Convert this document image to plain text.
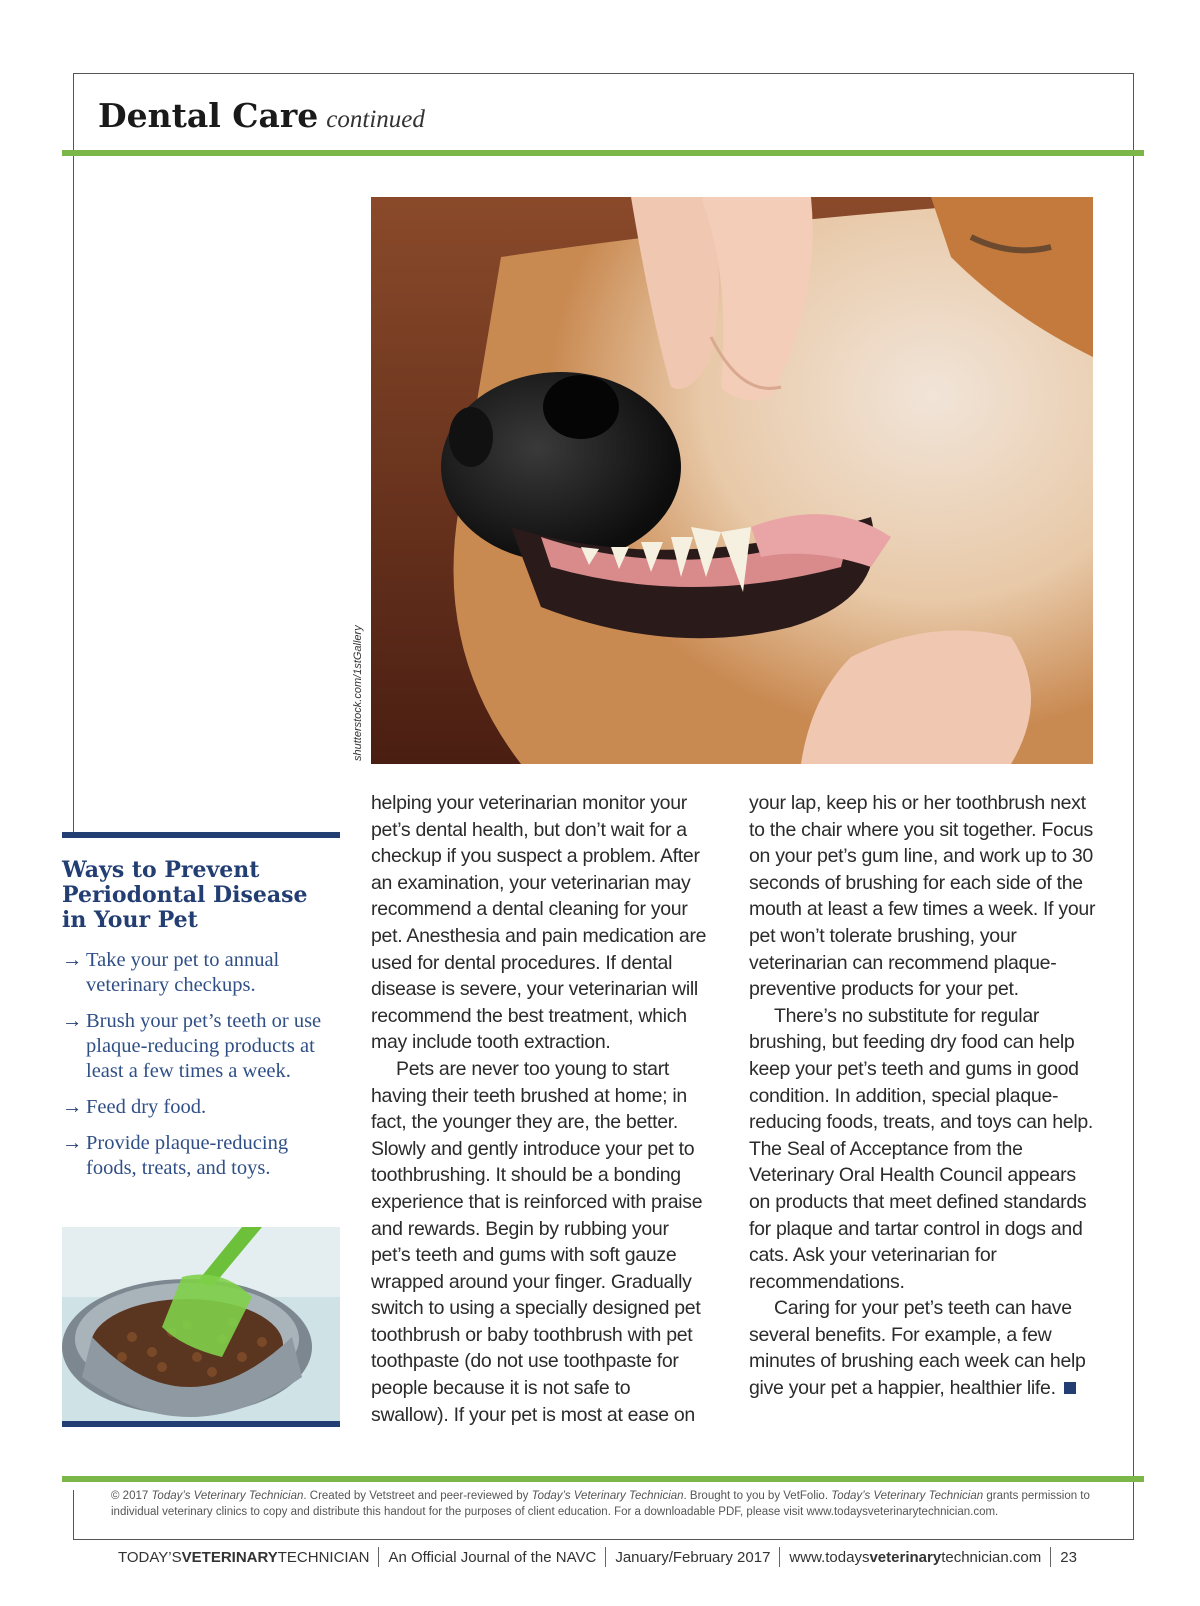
Dental Care continued
shutterstock.com/1stGallery
Ways to Prevent Periodontal Disease in Your Pet
→ Take your pet to annual veterinary checkups.
→ Brush your pet’s teeth or use plaque-reducing products at least a few times a week.
→ Feed dry food.
→ Provide plaque-reducing foods, treats, and toys.

helping your veterinarian monitor your pet’s dental health, but don’t wait for a checkup if you suspect a problem. After an examination, your veterinarian may recommend a dental cleaning for your pet. Anesthesia and pain medication are used for dental procedures. If dental disease is severe, your veterinarian will recommend the best treatment, which may include tooth extraction.

Pets are never too young to start having their teeth brushed at home; in fact, the younger they are, the better. Slowly and gently introduce your pet to toothbrushing. It should be a bonding experience that is reinforced with praise and rewards. Begin by rubbing your pet’s teeth and gums with soft gauze wrapped around your finger. Gradually switch to using a specially designed pet toothbrush or baby toothbrush with pet toothpaste (do not use toothpaste for people because it is not safe to swallow). If your pet is most at ease on

your lap, keep his or her toothbrush next to the chair where you sit together. Focus on your pet’s gum line, and work up to 30 seconds of brushing for each side of the mouth at least a few times a week. If your pet won’t tolerate brushing, your veterinarian can recommend plaque-preventive products for your pet.

There’s no substitute for regular brushing, but feeding dry food can help keep your pet’s teeth and gums in good condition. In addition, special plaque-reducing foods, treats, and toys can help. The Seal of Acceptance from the Veterinary Oral Health Council appears on products that meet defined standards for plaque and tartar control in dogs and cats. Ask your veterinarian for recommendations.

Caring for your pet’s teeth can have several benefits. For example, a few minutes of brushing each week can help give your pet a happier, healthier life.

© 2017 Today’s Veterinary Technician. Created by Vetstreet and peer-reviewed by Today’s Veterinary Technician. Brought to you by VetFolio. Today’s Veterinary Technician grants permission to individual veterinary clinics to copy and distribute this handout for the purposes of client education. For a downloadable PDF, please visit www.todaysveterinarytechnician.com.
TODAY’SVETERINARYTECHNICIAN An Official Journal of the NAVC January/February 2017 www.todaysveterinarytechnician.com 23
